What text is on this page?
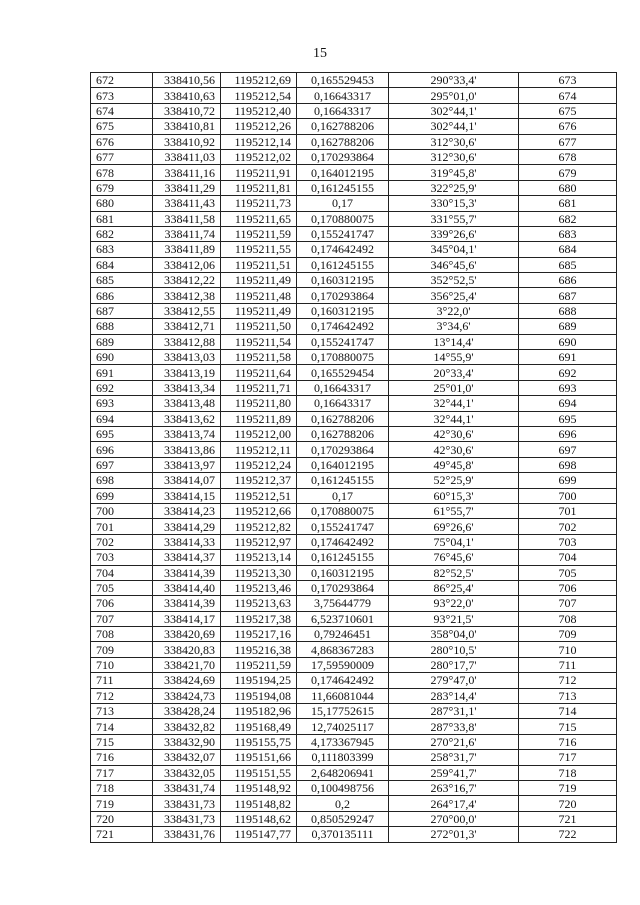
15
672	338410,56	1195212,69	0,165529453	290°33,4'	673
673	338410,63	1195212,54	0,16643317	295°01,0'	674
674	338410,72	1195212,40	0,16643317	302°44,1'	675
675	338410,81	1195212,26	0,162788206	302°44,1'	676
676	338410,92	1195212,14	0,162788206	312°30,6'	677
677	338411,03	1195212,02	0,170293864	312°30,6'	678
678	338411,16	1195211,91	0,164012195	319°45,8'	679
679	338411,29	1195211,81	0,161245155	322°25,9'	680
680	338411,43	1195211,73	0,17	330°15,3'	681
681	338411,58	1195211,65	0,170880075	331°55,7'	682
682	338411,74	1195211,59	0,155241747	339°26,6'	683
683	338411,89	1195211,55	0,174642492	345°04,1'	684
684	338412,06	1195211,51	0,161245155	346°45,6'	685
685	338412,22	1195211,49	0,160312195	352°52,5'	686
686	338412,38	1195211,48	0,170293864	356°25,4'	687
687	338412,55	1195211,49	0,160312195	3°22,0'	688
688	338412,71	1195211,50	0,174642492	3°34,6'	689
689	338412,88	1195211,54	0,155241747	13°14,4'	690
690	338413,03	1195211,58	0,170880075	14°55,9'	691
691	338413,19	1195211,64	0,165529454	20°33,4'	692
692	338413,34	1195211,71	0,16643317	25°01,0'	693
693	338413,48	1195211,80	0,16643317	32°44,1'	694
694	338413,62	1195211,89	0,162788206	32°44,1'	695
695	338413,74	1195212,00	0,162788206	42°30,6'	696
696	338413,86	1195212,11	0,170293864	42°30,6'	697
697	338413,97	1195212,24	0,164012195	49°45,8'	698
698	338414,07	1195212,37	0,161245155	52°25,9'	699
699	338414,15	1195212,51	0,17	60°15,3'	700
700	338414,23	1195212,66	0,170880075	61°55,7'	701
701	338414,29	1195212,82	0,155241747	69°26,6'	702
702	338414,33	1195212,97	0,174642492	75°04,1'	703
703	338414,37	1195213,14	0,161245155	76°45,6'	704
704	338414,39	1195213,30	0,160312195	82°52,5'	705
705	338414,40	1195213,46	0,170293864	86°25,4'	706
706	338414,39	1195213,63	3,75644779	93°22,0'	707
707	338414,17	1195217,38	6,523710601	93°21,5'	708
708	338420,69	1195217,16	0,79246451	358°04,0'	709
709	338420,83	1195216,38	4,868367283	280°10,5'	710
710	338421,70	1195211,59	17,59590009	280°17,7'	711
711	338424,69	1195194,25	0,174642492	279°47,0'	712
712	338424,73	1195194,08	11,66081044	283°14,4'	713
713	338428,24	1195182,96	15,17752615	287°31,1'	714
714	338432,82	1195168,49	12,74025117	287°33,8'	715
715	338432,90	1195155,75	4,173367945	270°21,6'	716
716	338432,07	1195151,66	0,111803399	258°31,7'	717
717	338432,05	1195151,55	2,648206941	259°41,7'	718
718	338431,74	1195148,92	0,100498756	263°16,7'	719
719	338431,73	1195148,82	0,2	264°17,4'	720
720	338431,73	1195148,62	0,850529247	270°00,0'	721
721	338431,76	1195147,77	0,370135111	272°01,3'	722
